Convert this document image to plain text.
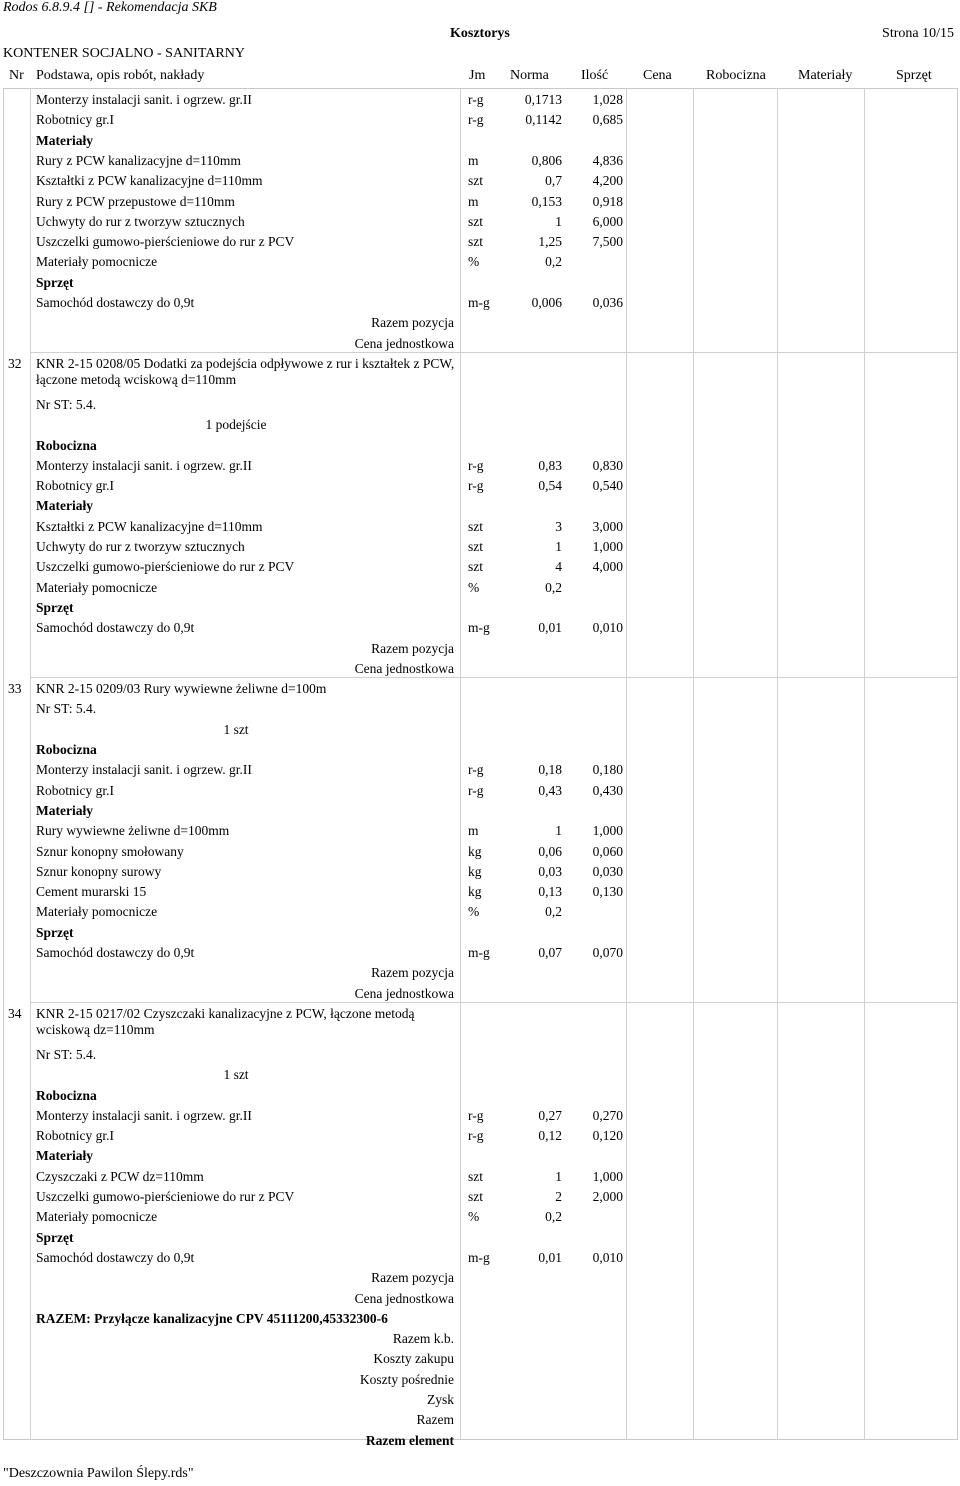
Rodos 6.8.9.4 [] - Rekomendacja SKB
Kosztorys	Strona 10/15
KONTENER SOCJALNO - SANITARNY
Nr Podstawa, opis robót, nakłady	Jm Norma Ilość Cena Robocizna Materiały	Sprzęt
Monterzy instalacji sanit. i ogrzew. gr.II	r-g	0,1713	1,028
Robotnicy gr.I	r-g	0,1142	0,685
Materiały
Rury z PCW kanalizacyjne d=110mm	m	0,806	4,836
Kształtki z PCW kanalizacyjne d=110mm	szt	0,7	4,200
Rury z PCW przepustowe d=110mm	m	0,153	0,918
Uchwyty do rur z tworzyw sztucznych	szt	1	6,000
Uszczelki gumowo-pierścieniowe do rur z PCV	szt	1,25	7,500
Materiały pomocnicze	%	0,2
Sprzęt
Samochód dostawczy do 0,9t	m-g	0,006	0,036
Razem pozycja
Cena jednostkowa
32 KNR 2-15 0208/05 Dodatki za podejścia odpływowe z rur i kształtek z PCW, łączone metodą wciskową d=110mm
Nr ST: 5.4.
1 podejście
Robocizna
Monterzy instalacji sanit. i ogrzew. gr.II	r-g	0,83	0,830
Robotnicy gr.I	r-g	0,54	0,540
Materiały
Kształtki z PCW kanalizacyjne d=110mm	szt	3	3,000
Uchwyty do rur z tworzyw sztucznych	szt	1	1,000
Uszczelki gumowo-pierścieniowe do rur z PCV	szt	4	4,000
Materiały pomocnicze	%	0,2
Sprzęt
Samochód dostawczy do 0,9t	m-g	0,01	0,010
Razem pozycja
Cena jednostkowa
33 KNR 2-15 0209/03 Rury wywiewne żeliwne d=100m
Nr ST: 5.4.
1 szt
Robocizna
Monterzy instalacji sanit. i ogrzew. gr.II	r-g	0,18	0,180
Robotnicy gr.I	r-g	0,43	0,430
Materiały
Rury wywiewne żeliwne d=100mm	m	1	1,000
Sznur konopny smołowany	kg	0,06	0,060
Sznur konopny surowy	kg	0,03	0,030
Cement murarski 15	kg	0,13	0,130
Materiały pomocnicze	%	0,2
Sprzęt
Samochód dostawczy do 0,9t	m-g	0,07	0,070
Razem pozycja
Cena jednostkowa
34 KNR 2-15 0217/02 Czyszczaki kanalizacyjne z PCW, łączone metodą wciskową dz=110mm
Nr ST: 5.4.
1 szt
Robocizna
Monterzy instalacji sanit. i ogrzew. gr.II	r-g	0,27	0,270
Robotnicy gr.I	r-g	0,12	0,120
Materiały
Czyszczaki z PCW dz=110mm	szt	1	1,000
Uszczelki gumowo-pierścieniowe do rur z PCV	szt	2	2,000
Materiały pomocnicze	%	0,2
Sprzęt
Samochód dostawczy do 0,9t	m-g	0,01	0,010
Razem pozycja
Cena jednostkowa
RAZEM: Przyłącze kanalizacyjne CPV 45111200,45332300-6
Razem k.b.
Koszty zakupu
Koszty pośrednie
Zysk
Razem
Razem element
"Deszczownia Pawilon Ślepy.rds"
